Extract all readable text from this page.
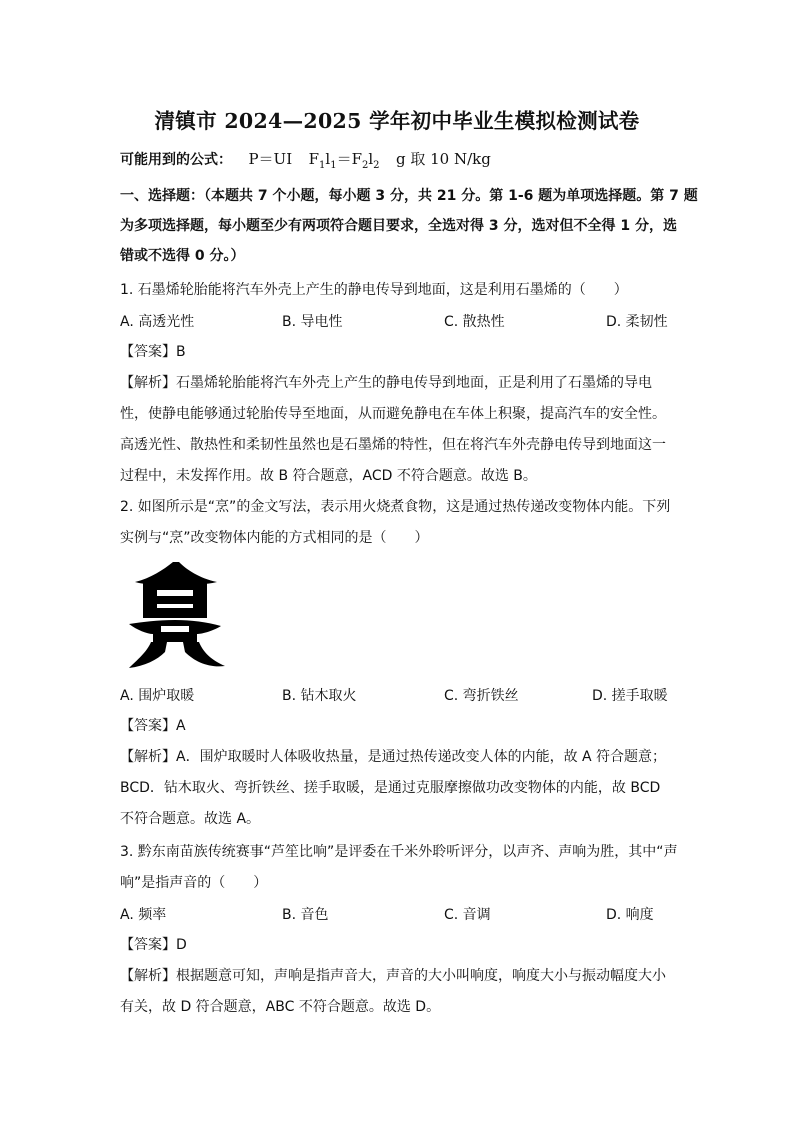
清镇市 2024—2025 学年初中毕业生模拟检测试卷
可能用到的公式： P＝UI $F_1l_1=F_2l_2$ g 取 10 N/kg
一、选择题：（本题共 7 个小题，每小题 3 分，共 21 分。第 1-6 题为单项选择题。第 7 题
为多项选择题，每小题至少有两项符合题目要求，全选对得 3 分，选对但不全得 1 分，选
错或不选得 0 分。）
1. 石墨烯轮胎能将汽车外壳上产生的静电传导到地面，这是利用石墨烯的（　　）
A. 高透光性	B. 导电性	C. 散热性	D. 柔韧性
【答案】B
【解析】石墨烯轮胎能将汽车外壳上产生的静电传导到地面，正是利用了石墨烯的导电
性，使静电能够通过轮胎传导至地面，从而避免静电在车体上积聚，提高汽车的安全性。
高透光性、散热性和柔韧性虽然也是石墨烯的特性，但在将汽车外壳静电传导到地面这一
过程中，未发挥作用。故 B 符合题意，ACD 不符合题意。故选 B。
2. 如图所示是“烹”的金文写法，表示用火烧煮食物，这是通过热传递改变物体内能。下列
实例与“烹”改变物体内能的方式相同的是（　　）
A. 围炉取暖	B. 钻木取火	C. 弯折铁丝	D. 搓手取暖
【答案】A
【解析】A．围炉取暖时人体吸收热量，是通过热传递改变人体的内能，故 A 符合题意；
BCD．钻木取火、弯折铁丝、搓手取暖，是通过克服摩擦做功改变物体的内能，故 BCD
不符合题意。故选 A。
3. 黔东南苗族传统赛事“芦笙比响”是评委在千米外聆听评分，以声齐、声响为胜，其中“声
响”是指声音的（　　）
A. 频率	B. 音色	C. 音调	D. 响度
【答案】D
【解析】根据题意可知，声响是指声音大，声音的大小叫响度，响度大小与振动幅度大小
有关，故 D 符合题意，ABC 不符合题意。故选 D。
